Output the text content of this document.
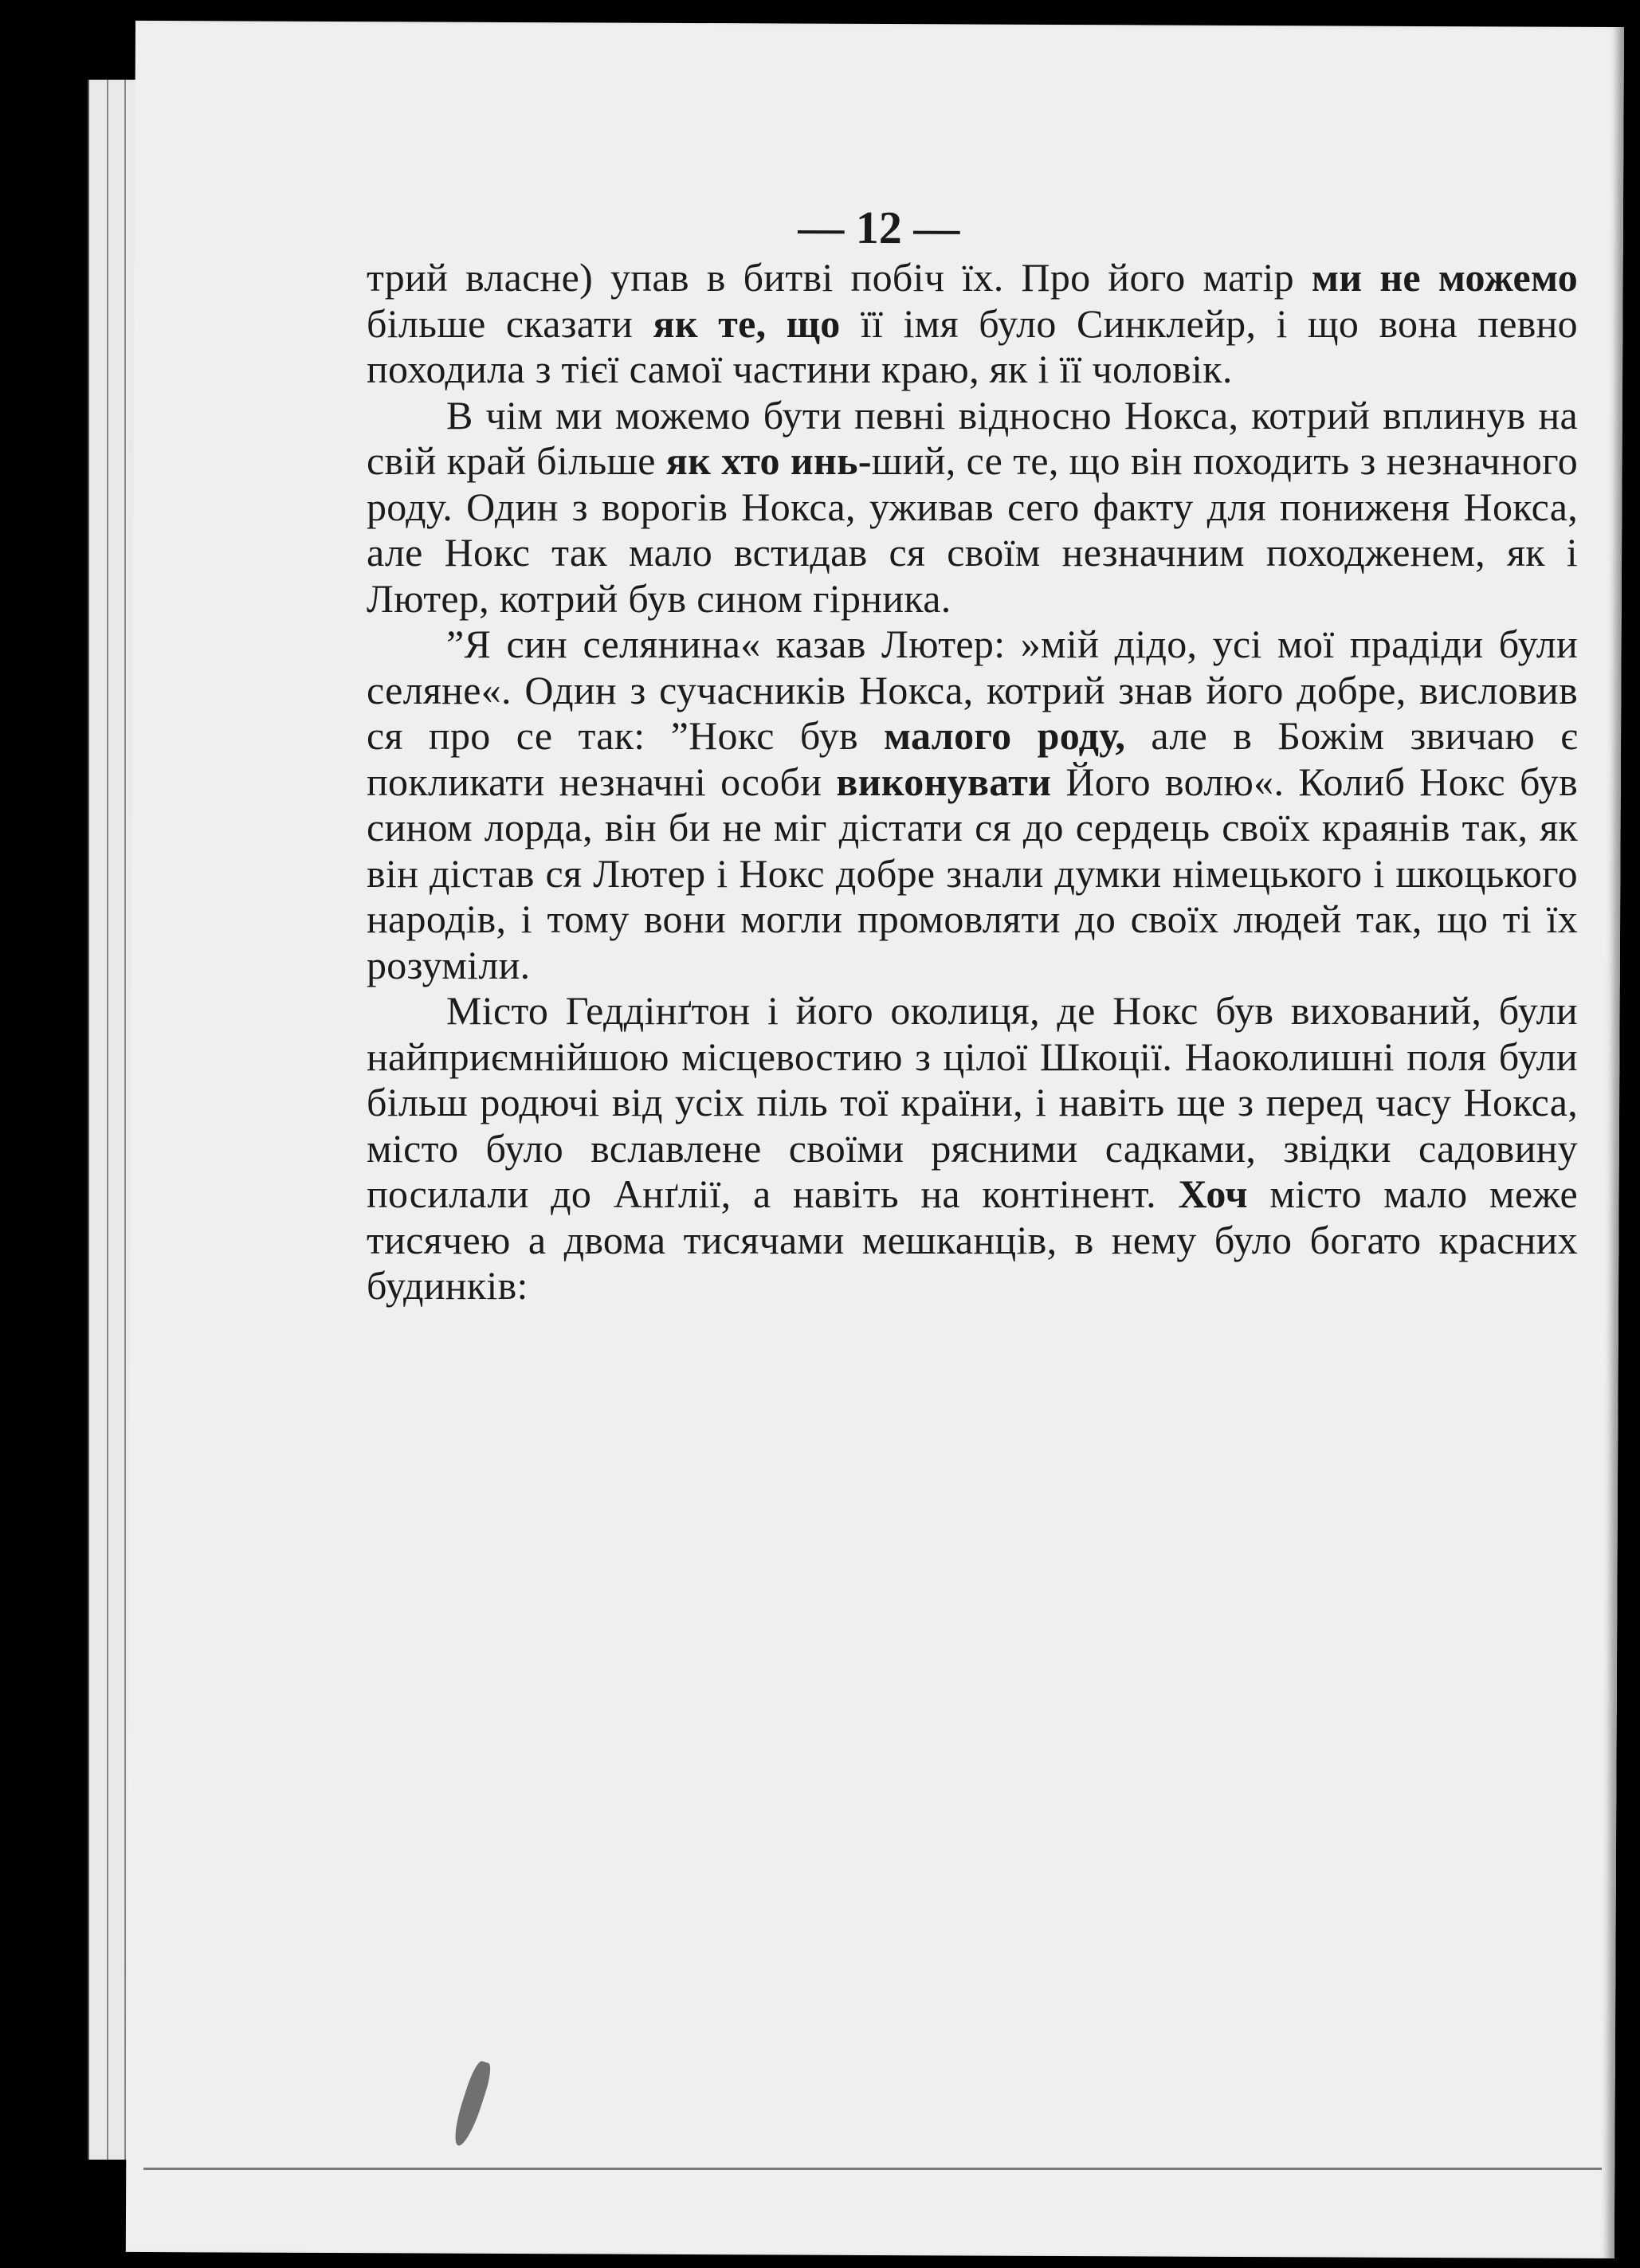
— 12 —

трий власне) упав в битві побіч їх. Про його матір ми не можемо більше сказати як те, що її імя було Синклейр, і що вона певно походила з тієї самої частини краю, як і її чоловік.

В чім ми можемо бути певні відносно Нокса, котрий вплинув на свій край більше як хто инь-ший, се те, що він походить з незначного роду. Один з ворогів Нокса, уживав сего факту для пониженя Нокса, але Нокс так мало встидав ся своїм незначним походженем, як і Лютер, котрий був сином гірника.

”Я син селянина« казав Лютер: »мій дідо, усі мої прадіди були селяне«. Один з сучасників Нокса, котрий знав його добре, висловив ся про се так: ”Нокс був малого роду, але в Божім звичаю є покликати незначні особи виконувати Його волю«. Колиб Нокс був сином лорда, він би не міг дістати ся до сердець своїх краянів так, як він дістав ся Лютер і Нокс добре знали думки німецького і шкоцького народів, і тому вони могли промовляти до своїх людей так, що ті їх розуміли.

Місто Геддінґтон і його околиця, де Нокс був вихований, були найприємнійшою місцевостию з цілої Шкоції. Наоколишні поля були більш родючі від усіх піль тої країни, і навіть ще з перед часу Нокса, місто було вславлене своїми рясними садками, звідки садовину посилали до Анґлії, а навіть на контінент. Хоч місто мало меже тисячею а двома тисячами мешканців, в нему було богато красних будинків:
